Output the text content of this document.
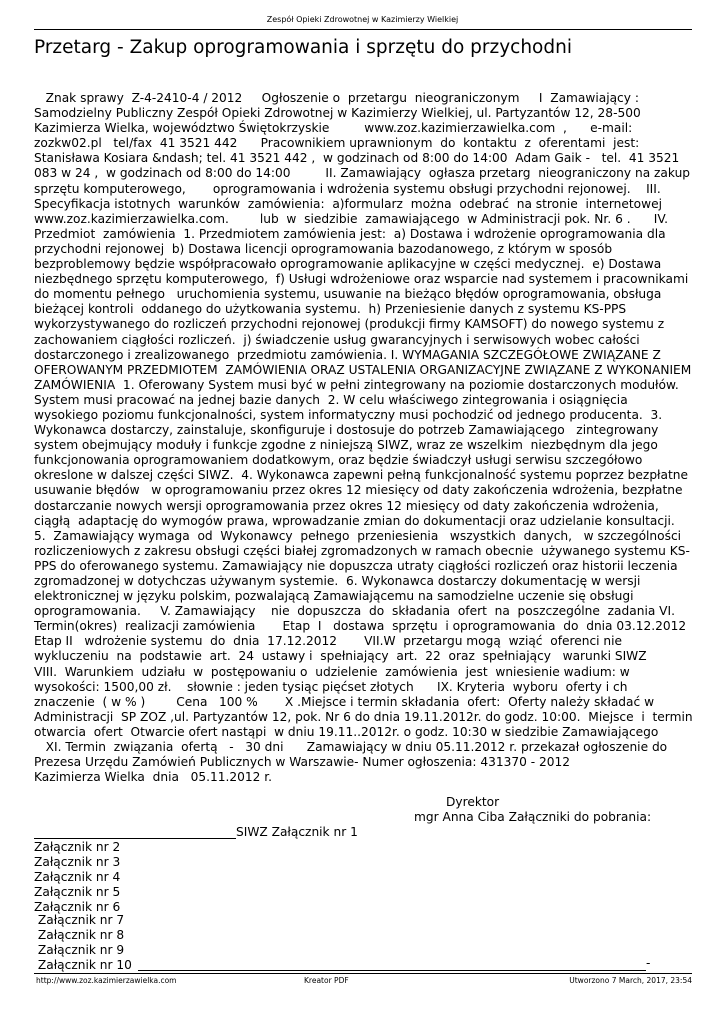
Zespół Opieki Zdrowotnej w Kazimierzy Wielkiej
Przetarg - Zakup oprogramowania i sprzętu do przychodni
Znak sprawy  Z-4-2410-4 / 2012     Ogłoszenie o  przetargu  nieograniczonym     I  Zamawiający : Samodzielny Publiczny Zespół Opieki Zdrowotnej w Kazimierzy Wielkiej, ul. Partyzantów 12, 28-500 Kazimierza Wielka, województwo Świętokrzyskie         www.zoz.kazimierzawielka.com  ,      e-mail: zozkw02.pl   tel/fax  41 3521 442      Pracownikiem uprawnionym  do  kontaktu  z  oferentami  jest: Stanisława Kosiara &ndash; tel. 41 3521 442 ,  w godzinach od 8:00 do 14:00  Adam Gaik -   tel.  41 3521 083 w 24 ,  w godzinach od 8:00 do 14:00         II. Zamawiający  ogłasza przetarg  nieograniczony na zakup sprzętu komputerowego,       oprogramowania i wdrożenia systemu obsługi przychodni rejonowej.    III. Specyfikacja istotnych  warunków  zamówienia:  a)formularz  można  odebrać  na stronie  internetowej  www.zoz.kazimierzawielka.com.        lub  w  siedzibie  zamawiającego  w Administracji pok. Nr. 6 .      IV. Przedmiot  zamówienia  1. Przedmiotem zamówienia jest:  a) Dostawa i wdrożenie oprogramowania dla przychodni rejonowej  b) Dostawa licencji oprogramowania bazodanowego, z którym w sposób bezproblemowy będzie współpracowało oprogramowanie aplikacyjne w części medycznej.  e) Dostawa niezbędnego sprzętu komputerowego,  f) Usługi wdrożeniowe oraz wsparcie nad systemem i pracownikami do momentu pełnego   uruchomienia systemu, usuwanie na bieżąco błędów oprogramowania, obsługa bieżącej kontroli  oddanego do użytkowania systemu.  h) Przeniesienie danych z systemu KS-PPS wykorzystywanego do rozliczeń przychodni rejonowej (produkcji firmy KAMSOFT) do nowego systemu z zachowaniem ciągłości rozliczeń.  j) świadczenie usług gwarancyjnych i serwisowych wobec całości dostarczonego i zrealizowanego  przedmiotu zamówienia. I. WYMAGANIA SZCZEGÓŁOWE ZWIĄZANE Z OFEROWANYM PRZEDMIOTEM  ZAMÓWIENIA ORAZ USTALENIA ORGANIZACYJNE ZWIĄZANE Z WYKONANIEM  ZAMÓWIENIA  1. Oferowany System musi być w pełni zintegrowany na poziomie dostarczonych modułów. System musi pracować na jednej bazie danych  2. W celu właściwego zintegrowania i osiągnięcia wysokiego poziomu funkcjonalności, system informatyczny musi pochodzić od jednego producenta.  3.  Wykonawca dostarczy, zainstaluje, skonfiguruje i dostosuje do potrzeb Zamawiającego   zintegrowany system obejmujący moduły i funkcje zgodne z niniejszą SIWZ, wraz ze wszelkim  niezbędnym dla jego funkcjonowania oprogramowaniem dodatkowym, oraz będzie świadczył usługi serwisu szczegółowo okreslone w dalszej części SIWZ.  4. Wykonawca zapewni pełną funkcjonalność systemu poprzez bezpłatne usuwanie błędów   w oprogramowaniu przez okres 12 miesięcy od daty zakończenia wdrożenia, bezpłatne dostarczanie nowych wersji oprogramowania przez okres 12 miesięcy od daty zakończenia wdrożenia, ciągłą  adaptację do wymogów prawa, wprowadzanie zmian do dokumentacji oraz udzielanie konsultacji.  5.  Zamawiający wymaga  od  Wykonawcy  pełnego  przeniesienia   wszystkich  danych,   w szczególności rozliczeniowych z zakresu obsługi części białej zgromadzonych w ramach obecnie  używanego systemu KS-PPS do oferowanego systemu. Zamawiający nie dopuszcza utraty ciągłości rozliczeń oraz historii leczenia zgromadzonej w dotychczas używanym systemie.  6. Wykonawca dostarczy dokumentację w wersji elektronicznej w języku polskim, pozwalającą Zamawiającemu na samodzielne uczenie się obsługi oprogramowania.     V. Zamawiający    nie  dopuszcza  do  składania  ofert  na  poszczególne  zadania VI. Termin(okres)  realizacji zamówienia       Etap  I   dostawa  sprzętu  i oprogramowania  do  dnia 03.12.2012  Etap II   wdrożenie systemu  do  dnia  17.12.2012       VII.W  przetargu mogą  wziąć  oferenci nie  wykluczeniu  na  podstawie  art.  24  ustawy i  spełniający  art.  22  oraz  spełniający   warunki SIWZ        VIII.  Warunkiem  udziału  w  postępowaniu o  udzielenie  zamówienia  jest  wniesienie wadium: w wysokości: 1500,00 zł.    słownie : jeden tysiąc pięćset złotych      IX. Kryteria  wyboru  oferty i ch  znaczenie  ( w % )        Cena   100 %       X .Miejsce i termin składania  ofert:  Oferty należy składać w  Administracji  SP ZOZ ,ul. Partyzantów 12, pok. Nr 6 do dnia 19.11.2012r. do godz. 10:00.  Miejsce  i  termin  otwarcia  ofert  Otwarcie ofert nastąpi  w dniu 19.11..2012r. o godz. 10:30 w siedzibie Zamawiającego
XI. Termin  związania  ofertą   -   30 dni      Zamawiający w dniu 05.11.2012 r. przekazał ogłoszenie do Prezesa Urzędu Zamówień Publicznych w Warszawie- Numer ogłoszenia: 431370 - 2012
Kazimierza Wielka  dnia   05.11.2012 r.
Dyrektor
mgr Anna Ciba Załączniki do pobrania:
SIWZ Załącznik nr 1
Załącznik nr 2
Załącznik nr 3
Załącznik nr 4
Załącznik nr 5
Załącznik nr 6
Załącznik nr 7
Załącznik nr 8
Załącznik nr 9
Załącznik nr 10	-
http://www.zoz.kazimierzawielka.com	Kreator PDF	Utworzono 7 March, 2017, 23:54
